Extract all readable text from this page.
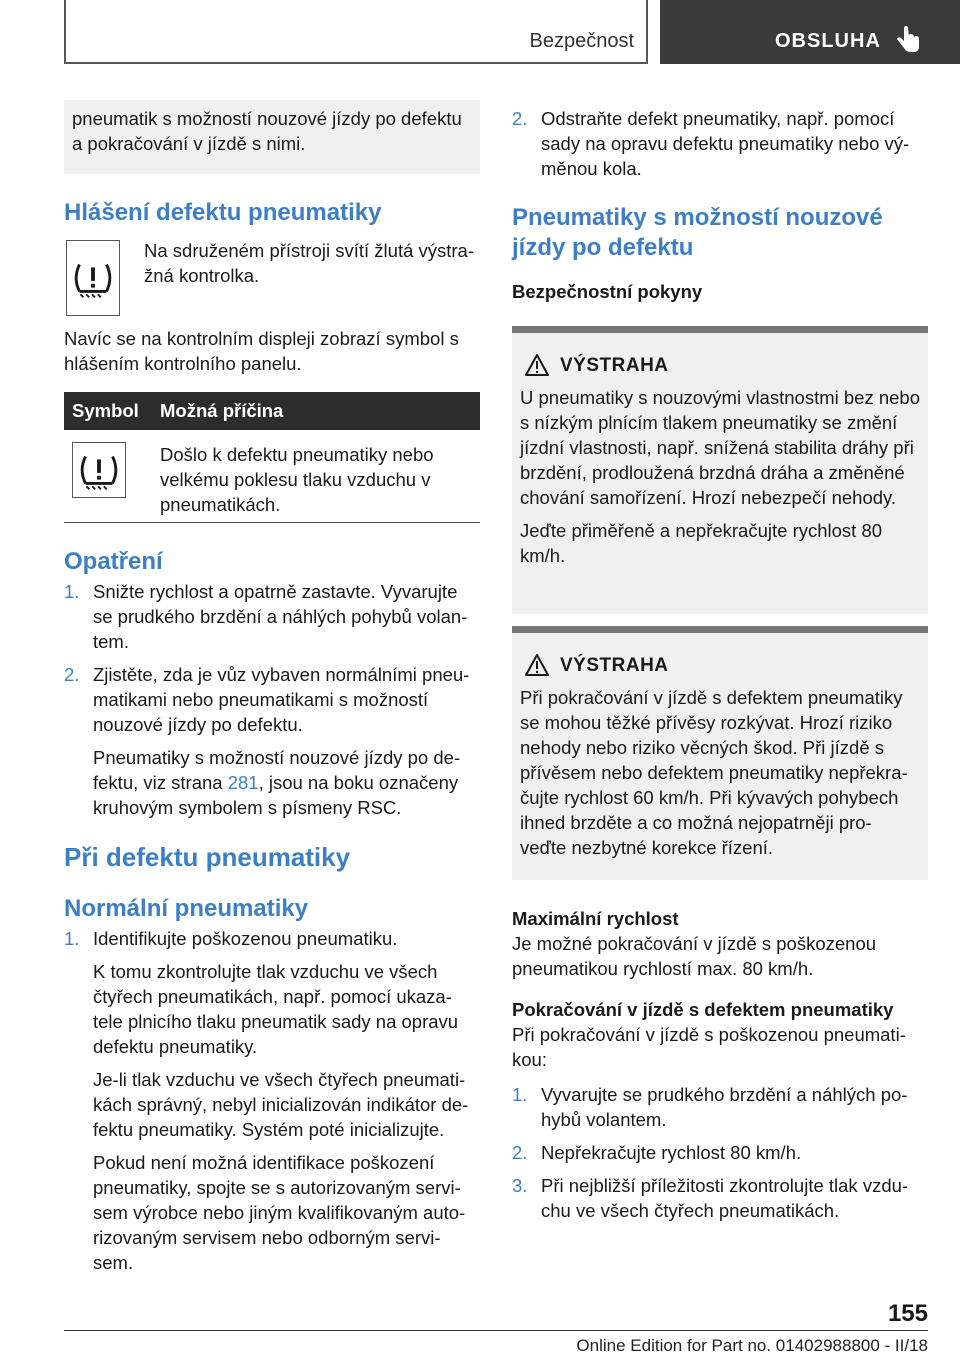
Bezpečnost	OBSLUHA

pneumatik s možností nouzové jízdy po defektu a pokračování v jízdě s nimi.

Hlášení defektu pneumatiky

Na sdruženém přístroji svítí žlutá výstra- žná kontrolka.

Navíc se na kontrolním displeji zobrazí symbol s hlášením kontrolního panelu.

Symbol Možná příčina

Došlo k defektu pneumatiky nebo velkému poklesu tlaku vzduchu v pneumatikách.

Opatření
1. Snižte rychlost a opatrně zastavte. Vyvarujte se prudkého brzdění a náhlých pohybů volan- tem.
2. Zjistěte, zda je vůz vybaven normálními pneu- matikami nebo pneumatikami s možností nouzové jízdy po defektu.

Pneumatiky s možností nouzové jízdy po de- fektu, viz strana 281, jsou na boku označeny kruhovým symbolem s písmeny RSC.

Při defektu pneumatiky
Normální pneumatiky
1. Identifikujte poškozenou pneumatiku.

K tomu zkontrolujte tlak vzduchu ve všech čtyřech pneumatikách, např. pomocí ukaza- tele plnicího tlaku pneumatik sady na opravu defektu pneumatiky.

Je-li tlak vzduchu ve všech čtyřech pneumati- kách správný, nebyl inicializován indikátor de- fektu pneumatiky. Systém poté inicializujte.

Pokud není možná identifikace poškození pneumatiky, spojte se s autorizovaným servi- sem výrobce nebo jiným kvalifikovaným auto- rizovaným servisem nebo odborným servi- sem.

2. Odstraňte defekt pneumatiky, např. pomocí sady na opravu defektu pneumatiky nebo vý- měnou kola.
Pneumatiky s možností nouzové jízdy po defektu

Bezpečnostní pokyny

VÝSTRAHA

U pneumatiky s nouzovými vlastnostmi bez nebo s nízkým plnícím tlakem pneumatiky se změní jízdní vlastnosti, např. snížená stabilita dráhy při brzdění, prodloužená brzdná dráha a změněné chování samořízení. Hrozí nebezpečí nehody.

Jeďte přiměřeně a nepřekračujte rychlost 80 km/h.

VÝSTRAHA

Při pokračování v jízdě s defektem pneumatiky se mohou těžké přívěsy rozkývat. Hrozí riziko nehody nebo riziko věcných škod. Při jízdě s přívěsem nebo defektem pneumatiky nepřekra- čujte rychlost 60 km/h. Při kývavých pohybech ihned brzděte a co možná nejopatrněji pro- veďte nezbytné korekce řízení.

Maximální rychlost

Je možné pokračování v jízdě s poškozenou pneumatikou rychlostí max. 80 km/h.

Pokračování v jízdě s defektem pneumatiky

Při pokračování v jízdě s poškozenou pneumati- kou:

1. Vyvarujte se prudkého brzdění a náhlých po- hybů volantem.
2. Nepřekračujte rychlost 80 km/h.
3. Při nejbližší příležitosti zkontrolujte tlak vzdu- chu ve všech čtyřech pneumatikách.
155
Online Edition for Part no. 01402988800 - II/18
